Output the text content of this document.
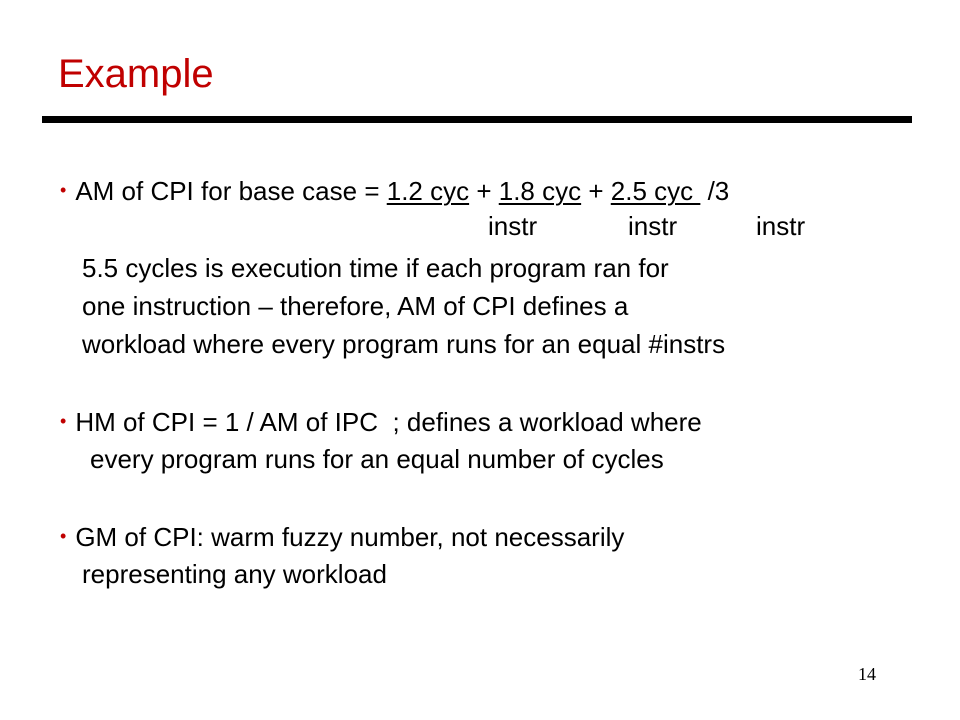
Example
• AM of CPI for base case = 1.2 cyc + 1.8 cyc + 2.5 cyc  /3
instr	instr	instr
5.5 cycles is execution time if each program ran for
one instruction – therefore, AM of CPI defines a
workload where every program runs for an equal #instrs
• HM of CPI = 1 / AM of IPC  ; defines a workload where
every program runs for an equal number of cycles
• GM of CPI: warm fuzzy number, not necessarily
representing any workload
14
